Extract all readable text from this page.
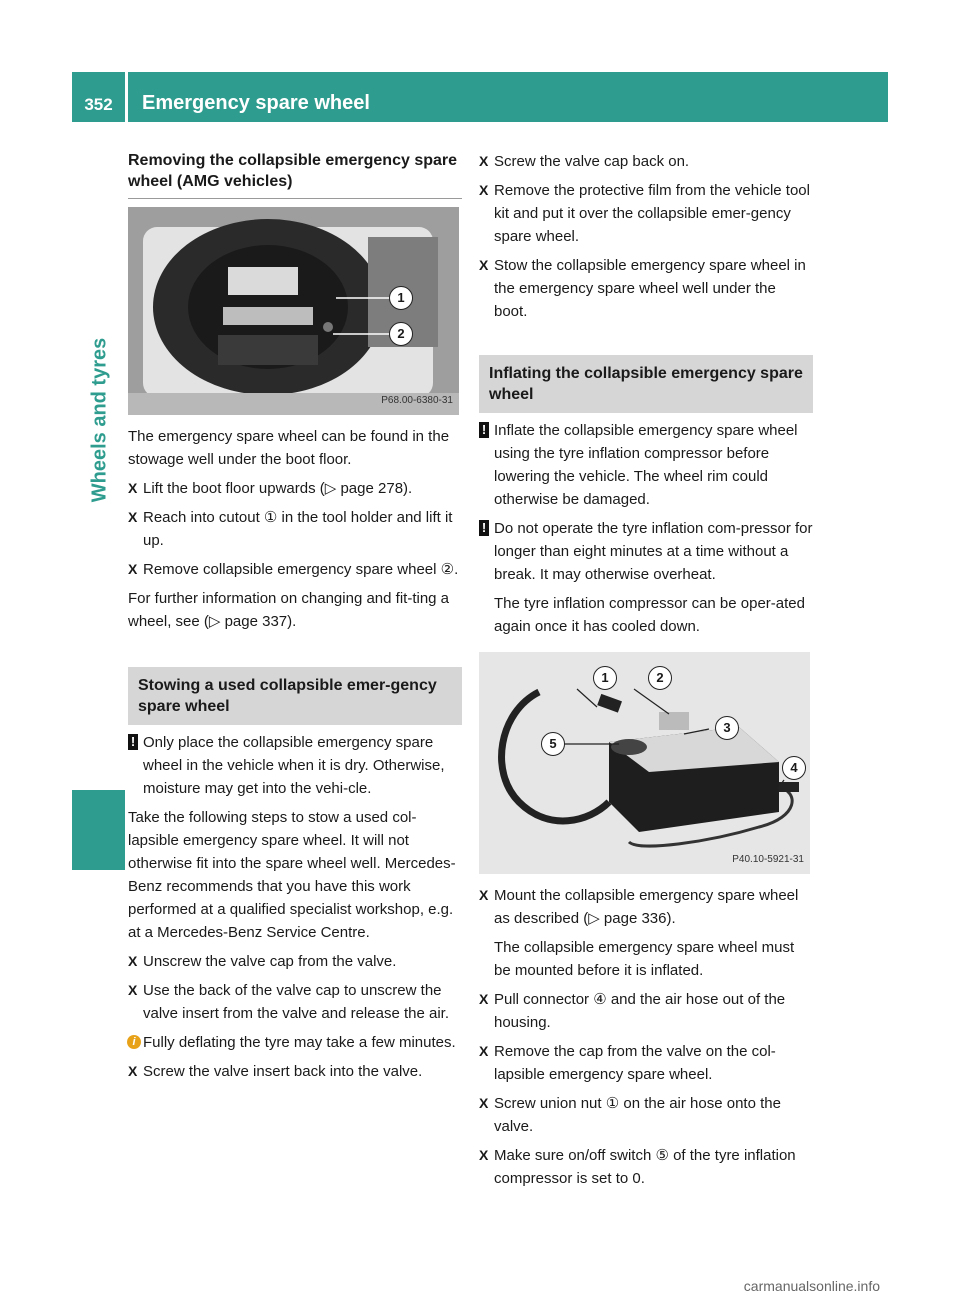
352	Emergency spare wheel
Wheels and tyres
Removing the collapsible emergency spare wheel (AMG vehicles)
1
2
P68.00-6380-31

The emergency spare wheel can be found in the stowage well under the boot floor.

X Lift the boot floor upwards (▷ page 278).
X Reach into cutout ① in the tool holder and lift it up.
X Remove collapsible emergency spare wheel ②.

For further information on changing and fit-ting a wheel, see (▷ page 337).

Stowing a used collapsible emer-gency spare wheel
! Only place the collapsible emergency spare wheel in the vehicle when it is dry. Otherwise, moisture may get into the vehi-cle.

Take the following steps to stow a used col-lapsible emergency spare wheel. It will not otherwise fit into the spare wheel well. Mercedes-Benz recommends that you have this work performed at a qualified specialist workshop, e.g. at a Mercedes-Benz Service Centre.

X Unscrew the valve cap from the valve.
X Use the back of the valve cap to unscrew the valve insert from the valve and release the air.
i Fully deflating the tyre may take a few minutes.
X Screw the valve insert back into the valve.
X Screw the valve cap back on.
X Remove the protective film from the vehicle tool kit and put it over the collapsible emer-gency spare wheel.
X Stow the collapsible emergency spare wheel in the emergency spare wheel well under the boot.
Inflating the collapsible emergency spare wheel
! Inflate the collapsible emergency spare wheel using the tyre inflation compressor before lowering the vehicle. The wheel rim could otherwise be damaged.
! Do not operate the tyre inflation com-pressor for longer than eight minutes at a time without a break. It may otherwise overheat.

The tyre inflation compressor can be oper-ated again once it has cooled down.

1	2
3
4
5
P40.10-5921-31
X Mount the collapsible emergency spare wheel as described (▷ page 336).

The collapsible emergency spare wheel must be mounted before it is inflated.

X Pull connector ④ and the air hose out of the housing.
X Remove the cap from the valve on the col-lapsible emergency spare wheel.
X Screw union nut ① on the air hose onto the valve.
X Make sure on/off switch ⑤ of the tyre inflation compressor is set to 0.
carmanualsonline.info
